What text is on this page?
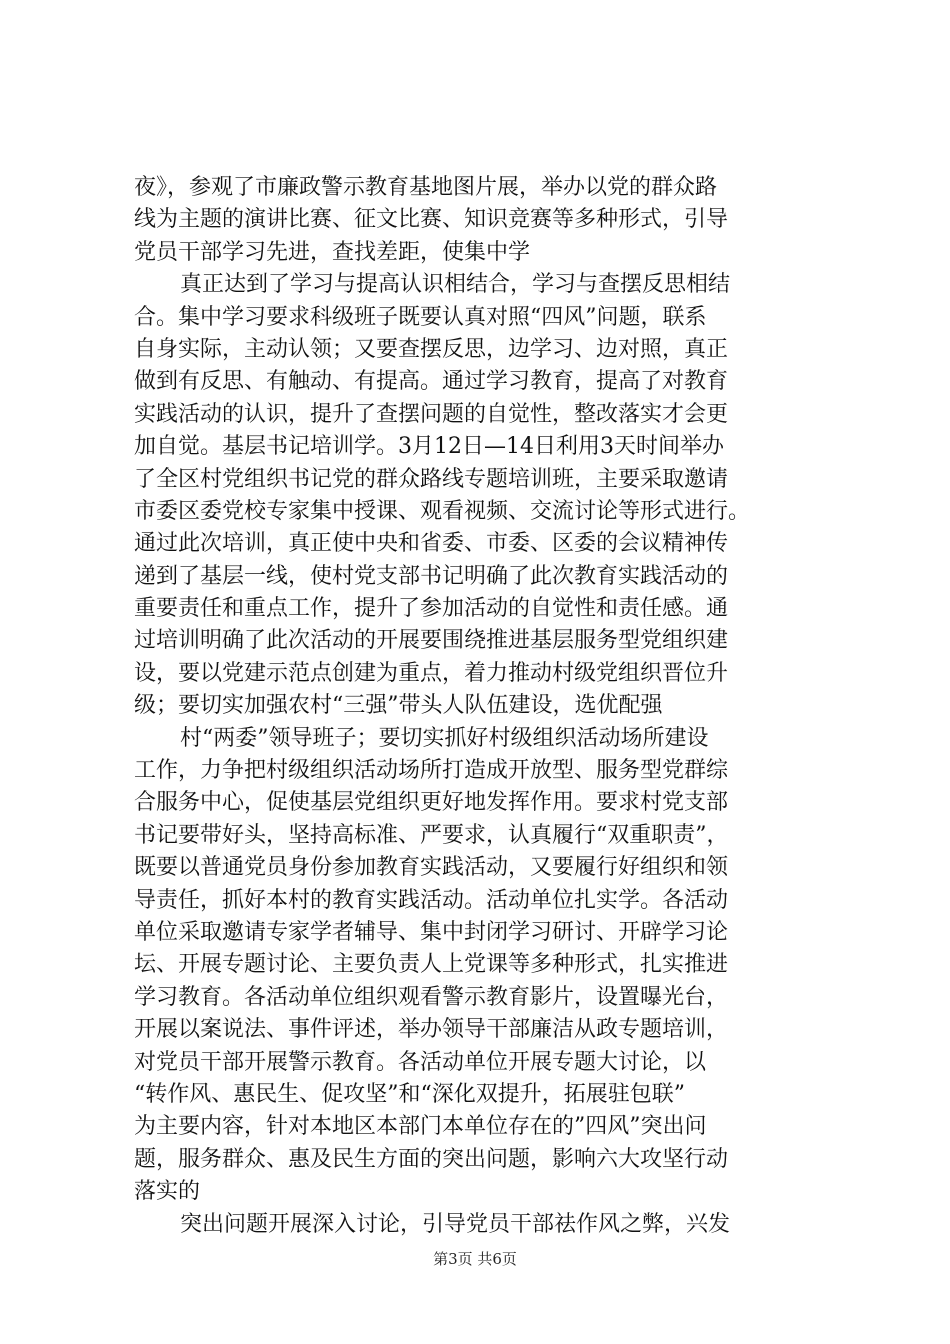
夜》，参观了市廉政警示教育基地图片展，举办以党的群众路
线为主题的演讲比赛、征文比赛、知识竞赛等多种形式，引导
党员干部学习先进，查找差距，使集中学
真正达到了学习与提高认识相结合，学习与查摆反思相结
合。集中学习要求科级班子既要认真对照“四风”问题，联系
自身实际，主动认领；又要查摆反思，边学习、边对照，真正
做到有反思、有触动、有提高。通过学习教育，提高了对教育
实践活动的认识，提升了查摆问题的自觉性，整改落实才会更
加自觉。基层书记培训学。3月12日—14日利用3天时间举办
了全区村党组织书记党的群众路线专题培训班，主要采取邀请
市委区委党校专家集中授课、观看视频、交流讨论等形式进行。
通过此次培训，真正使中央和省委、市委、区委的会议精神传
递到了基层一线，使村党支部书记明确了此次教育实践活动的
重要责任和重点工作，提升了参加活动的自觉性和责任感。通
过培训明确了此次活动的开展要围绕推进基层服务型党组织建
设，要以党建示范点创建为重点，着力推动村级党组织晋位升
级；要切实加强农村“三强”带头人队伍建设，选优配强
村“两委”领导班子；要切实抓好村级组织活动场所建设
工作，力争把村级组织活动场所打造成开放型、服务型党群综
合服务中心，促使基层党组织更好地发挥作用。要求村党支部
书记要带好头，坚持高标准、严要求，认真履行“双重职责”，
既要以普通党员身份参加教育实践活动，又要履行好组织和领
导责任，抓好本村的教育实践活动。活动单位扎实学。各活动
单位采取邀请专家学者辅导、集中封闭学习研讨、开辟学习论
坛、开展专题讨论、主要负责人上党课等多种形式，扎实推进
学习教育。各活动单位组织观看警示教育影片，设置曝光台，
开展以案说法、事件评述，举办领导干部廉洁从政专题培训，
对党员干部开展警示教育。各活动单位开展专题大讨论，以
“转作风、惠民生、促攻坚”和“深化双提升，拓展驻包联”
为主要内容，针对本地区本部门本单位存在的”四风”突出问
题，服务群众、惠及民生方面的突出问题，影响六大攻坚行动
落实的
突出问题开展深入讨论，引导党员干部祛作风之弊，兴发
第3页 共6页
